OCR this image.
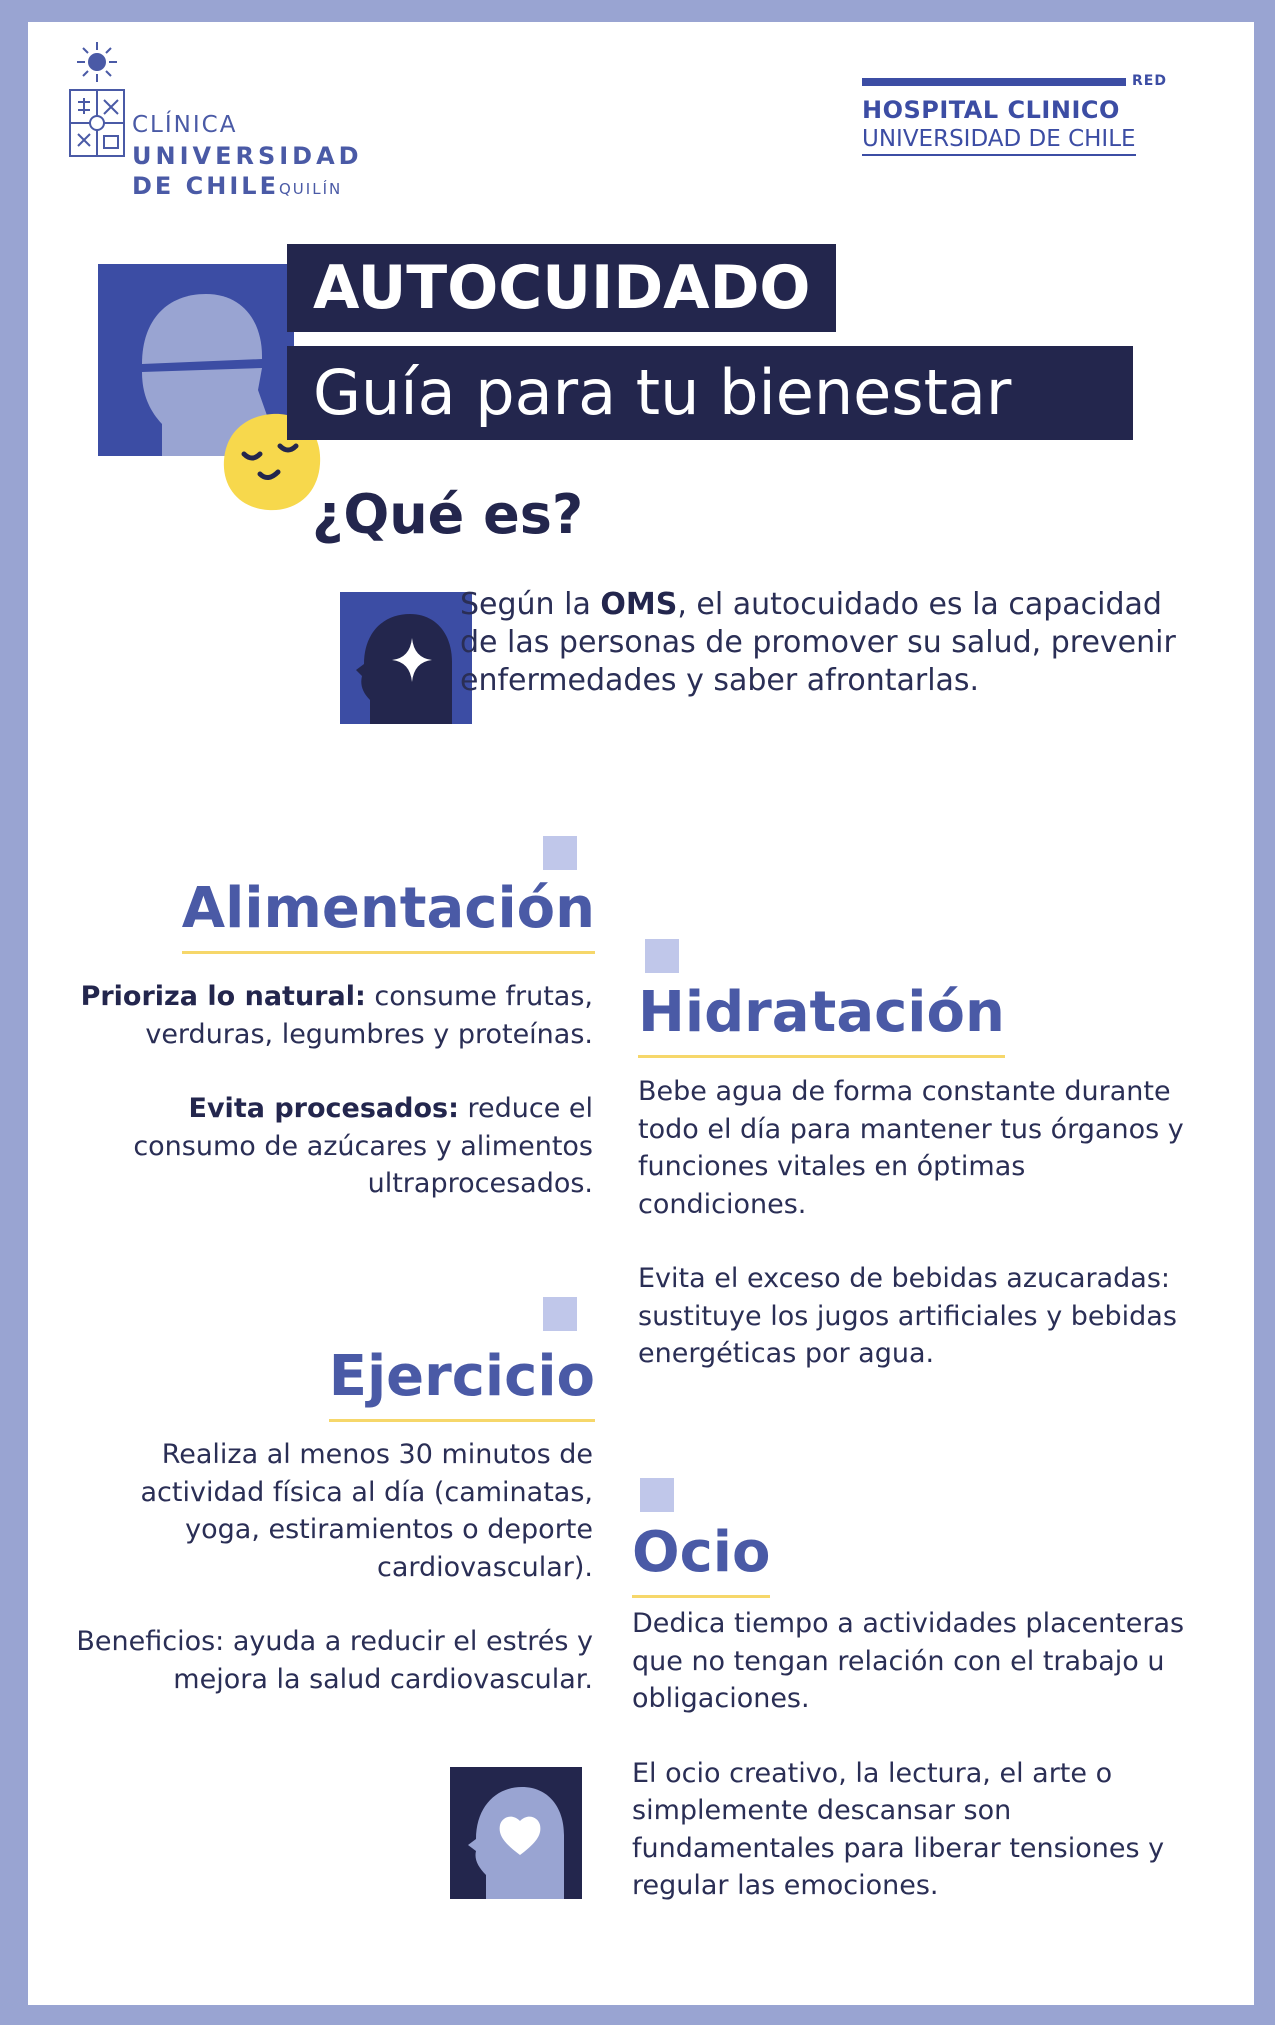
CLÍNICA
UNIVERSIDAD
DE CHILEQUILÍN
RED
HOSPITAL CLINICO
UNIVERSIDAD DE CHILE
AUTOCUIDADO
Guía para tu bienestar
¿Qué es?
Según la OMS, el autocuidado es la capacidad de las personas de promover su salud, prevenir enfermedades y saber afrontarlas.
Alimentación
Prioriza lo natural: consume frutas, verduras, legumbres y proteínas.
Evita procesados: reduce el consumo de azúcares y alimentos ultraprocesados.
Hidratación
Bebe agua de forma constante durante todo el día para mantener tus órganos y funciones vitales en óptimas condiciones.
Evita el exceso de bebidas azucaradas: sustituye los jugos artificiales y bebidas energéticas por agua.
Ejercicio
Realiza al menos 30 minutos de actividad física al día (caminatas, yoga, estiramientos o deporte cardiovascular).
Beneficios: ayuda a reducir el estrés y mejora la salud cardiovascular.
Ocio
Dedica tiempo a actividades placenteras que no tengan relación con el trabajo u obligaciones.
El ocio creativo, la lectura, el arte o simplemente descansar son fundamentales para liberar tensiones y regular las emociones.
